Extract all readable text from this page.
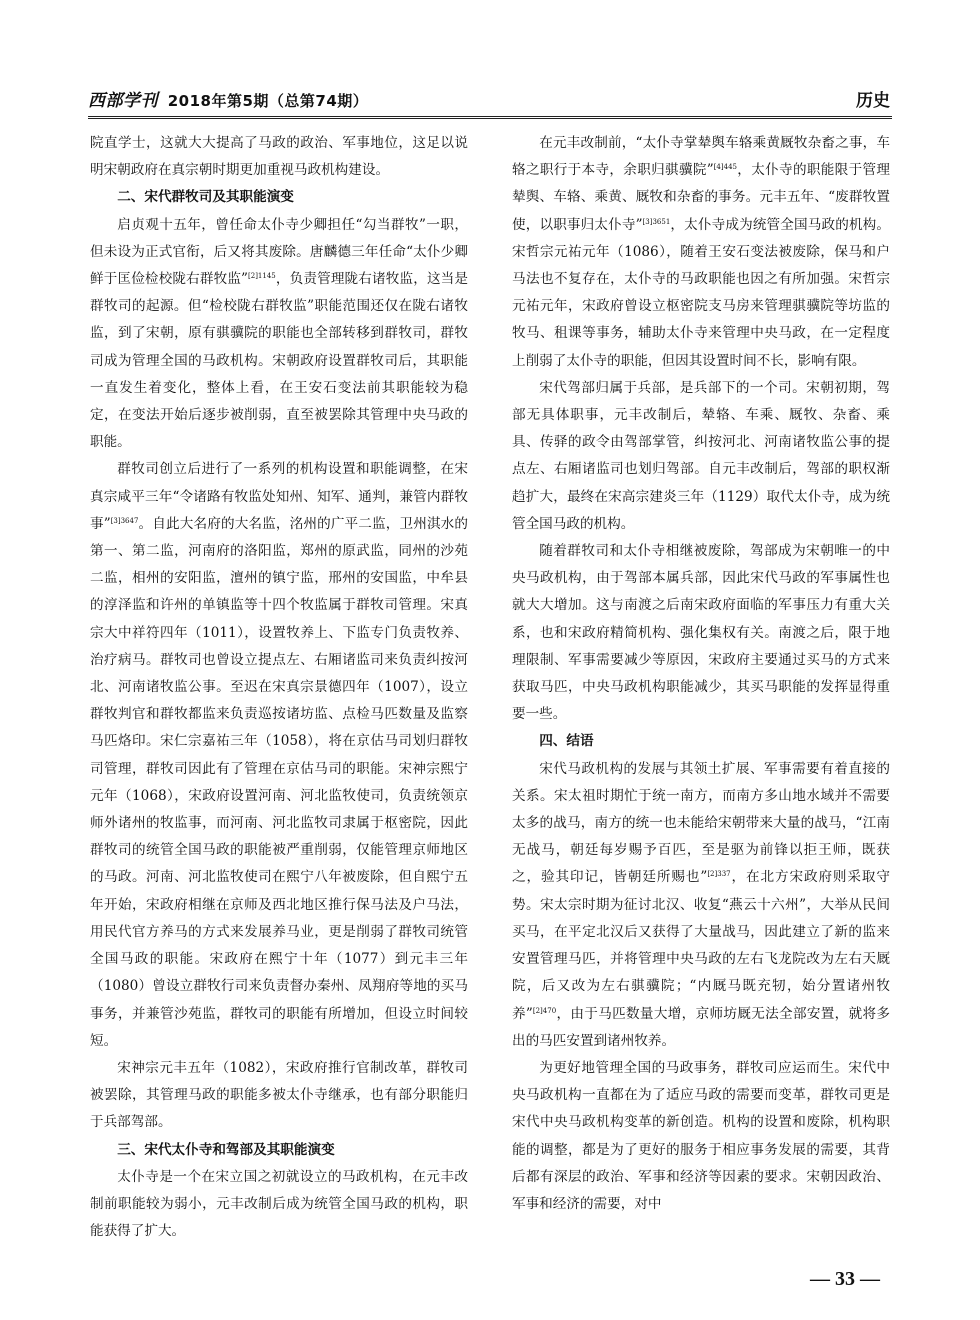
西部学刊 2018年第5期（总第74期）	历史

院直学士，这就大大提高了马政的政治、军事地位，这足以说明宋朝政府在真宗朝时期更加重视马政机构建设。

二、宋代群牧司及其职能演变

启贞观十五年，曾任命太仆寺少卿担任“勾当群牧”一职，但未设为正式官衔，后又将其废除。唐麟德三年任命“太仆少卿鲜于匡俭检校陇右群牧监”$^{[2]1145}$，负责管理陇右诸牧监，这当是群牧司的起源。但“检校陇右群牧监”职能范围还仅在陇右诸牧监，到了宋朝，原有骐骥院的职能也全部转移到群牧司，群牧司成为管理全国的马政机构。宋朝政府设置群牧司后，其职能一直发生着变化，整体上看，在王安石变法前其职能较为稳定，在变法开始后逐步被削弱，直至被罢除其管理中央马政的职能。

群牧司创立后进行了一系列的机构设置和职能调整，在宋真宗咸平三年“令诸路有牧监处知州、知军、通判，兼管内群牧事”$^{[3]3647}$。自此大名府的大名监，洺州的广平二监，卫州淇水的第一、第二监，河南府的洛阳监，郑州的原武监，同州的沙苑二监，相州的安阳监，澶州的镇宁监，邢州的安国监，中牟县的淳泽监和许州的单镇监等十四个牧监属于群牧司管理。宋真宗大中祥符四年（1011），设置牧养上、下监专门负责牧养、治疗病马。群牧司也曾设立提点左、右厢诸监司来负责纠按河北、河南诸牧监公事。至迟在宋真宗景德四年（1007），设立群牧判官和群牧都监来负责巡按诸坊监、点检马匹数量及监察马匹烙印。宋仁宗嘉祐三年（1058），将在京估马司划归群牧司管理，群牧司因此有了管理在京估马司的职能。宋神宗熙宁元年（1068），宋政府设置河南、河北监牧使司，负责统领京师外诸州的牧监事，而河南、河北监牧司隶属于枢密院，因此群牧司的统管全国马政的职能被严重削弱，仅能管理京师地区的马政。河南、河北监牧使司在熙宁八年被废除，但自熙宁五年开始，宋政府相继在京师及西北地区推行保马法及户马法，用民代官方养马的方式来发展养马业，更是削弱了群牧司统管全国马政的职能。宋政府在熙宁十年（1077）到元丰三年（1080）曾设立群牧行司来负责督办秦州、凤翔府等地的买马事务，并兼管沙苑监，群牧司的职能有所增加，但设立时间较短。

宋神宗元丰五年（1082），宋政府推行官制改革，群牧司被罢除，其管理马政的职能多被太仆寺继承，也有部分职能归于兵部驾部。

三、宋代太仆寺和驾部及其职能演变

太仆寺是一个在宋立国之初就设立的马政机构，在元丰改制前职能较为弱小，元丰改制后成为统管全国马政的机构，职能获得了扩大。

在元丰改制前，“太仆寺掌辇舆车辂乘黄厩牧杂畜之事，车辂之职行于本寺，余职归骐骥院”$^{[4]445}$，太仆寺的职能限于管理辇舆、车辂、乘黄、厩牧和杂畜的事务。元丰五年、“废群牧置使，以职事归太仆寺”$^{[3]3651}$，太仆寺成为统管全国马政的机构。宋哲宗元祐元年（1086），随着王安石变法被废除，保马和户马法也不复存在，太仆寺的马政职能也因之有所加强。宋哲宗元祐元年，宋政府曾设立枢密院支马房来管理骐骥院等坊监的牧马、租课等事务，辅助太仆寺来管理中央马政，在一定程度上削弱了太仆寺的职能，但因其设置时间不长，影响有限。

宋代驾部归属于兵部，是兵部下的一个司。宋朝初期，驾部无具体职事，元丰改制后，辇辂、车乘、厩牧、杂畜、乘具、传驿的政令由驾部掌管，纠按河北、河南诸牧监公事的提点左、右厢诸监司也划归驾部。自元丰改制后，驾部的职权渐趋扩大，最终在宋高宗建炎三年（1129）取代太仆寺，成为统管全国马政的机构。

随着群牧司和太仆寺相继被废除，驾部成为宋朝唯一的中央马政机构，由于驾部本属兵部，因此宋代马政的军事属性也就大大增加。这与南渡之后南宋政府面临的军事压力有重大关系，也和宋政府精简机构、强化集权有关。南渡之后，限于地理限制、军事需要减少等原因，宋政府主要通过买马的方式来获取马匹，中央马政机构职能减少，其买马职能的发挥显得重要一些。

四、结语

宋代马政机构的发展与其领土扩展、军事需要有着直接的关系。宋太祖时期忙于统一南方，而南方多山地水域并不需要太多的战马，南方的统一也未能给宋朝带来大量的战马，“江南无战马，朝廷每岁赐予百匹，至是驱为前锋以拒王师，既获之，验其印记，皆朝廷所赐也”$^{[2]337}$，在北方宋政府则采取守势。宋太宗时期为征讨北汉、收复“燕云十六州”，大举从民间买马，在平定北汉后又获得了大量战马，因此建立了新的监来安置管理马匹，并将管理中央马政的左右飞龙院改为左右天厩院，后又改为左右骐骥院；“内厩马既充牣，始分置诸州牧养”$^{[2]470}$，由于马匹数量大增，京师坊厩无法全部安置，就将多出的马匹安置到诸州牧养。

为更好地管理全国的马政事务，群牧司应运而生。宋代中央马政机构一直都在为了适应马政的需要而变革，群牧司更是宋代中央马政机构变革的新创造。机构的设置和废除，机构职能的调整，都是为了更好的服务于相应事务发展的需要，其背后都有深层的政治、军事和经济等因素的要求。宋朝因政治、军事和经济的需要，对中

— 33 —
